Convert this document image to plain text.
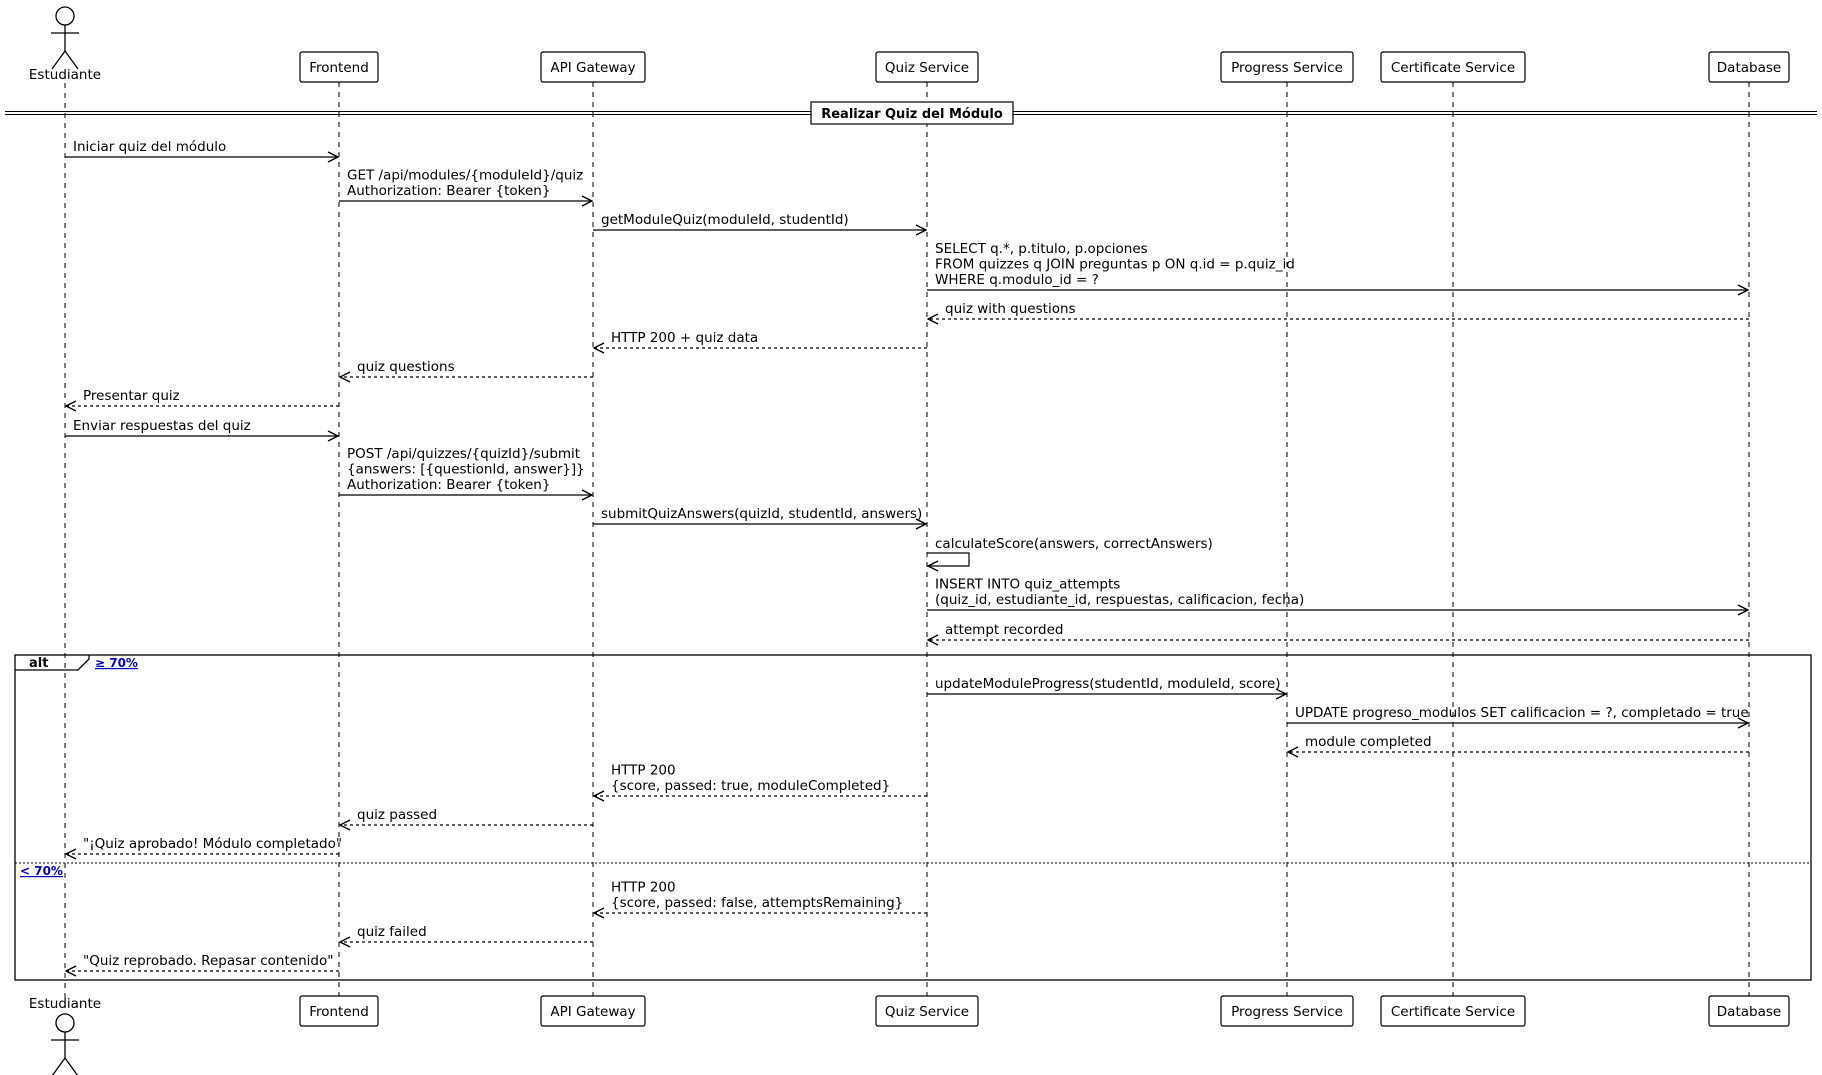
Realizar Quiz del Módulo
alt	≥ 70%
< 70%
Iniciar quiz del módulo
GET /api/modules/{moduleId}/quiz
Authorization: Bearer {token}
getModuleQuiz(moduleId, studentId)
SELECT q.*, p.titulo, p.opciones
FROM quizzes q JOIN preguntas p ON q.id = p.quiz_id
WHERE q.modulo_id = ?
quiz with questions
HTTP 200 + quiz data
quiz questions
Presentar quiz
Enviar respuestas del quiz
POST /api/quizzes/{quizId}/submit
{answers: [{questionId, answer}]}
Authorization: Bearer {token}
submitQuizAnswers(quizId, studentId, answers)
calculateScore(answers, correctAnswers)
INSERT INTO quiz_attempts
(quiz_id, estudiante_id, respuestas, calificacion, fecha)
attempt recorded
updateModuleProgress(studentId, moduleId, score)
UPDATE progreso_modulos SET calificacion = ?, completado = true
module completed
HTTP 200
{score, passed: true, moduleCompleted}
quiz passed
"¡Quiz aprobado! Módulo completado"
HTTP 200
{score, passed: false, attemptsRemaining}
quiz failed
"Quiz reprobado. Repasar contenido"
Estudiante
Estudiante
Frontend
Frontend
API Gateway
API Gateway
Quiz Service
Quiz Service
Progress Service
Progress Service
Certificate Service
Certificate Service
Database
Database
